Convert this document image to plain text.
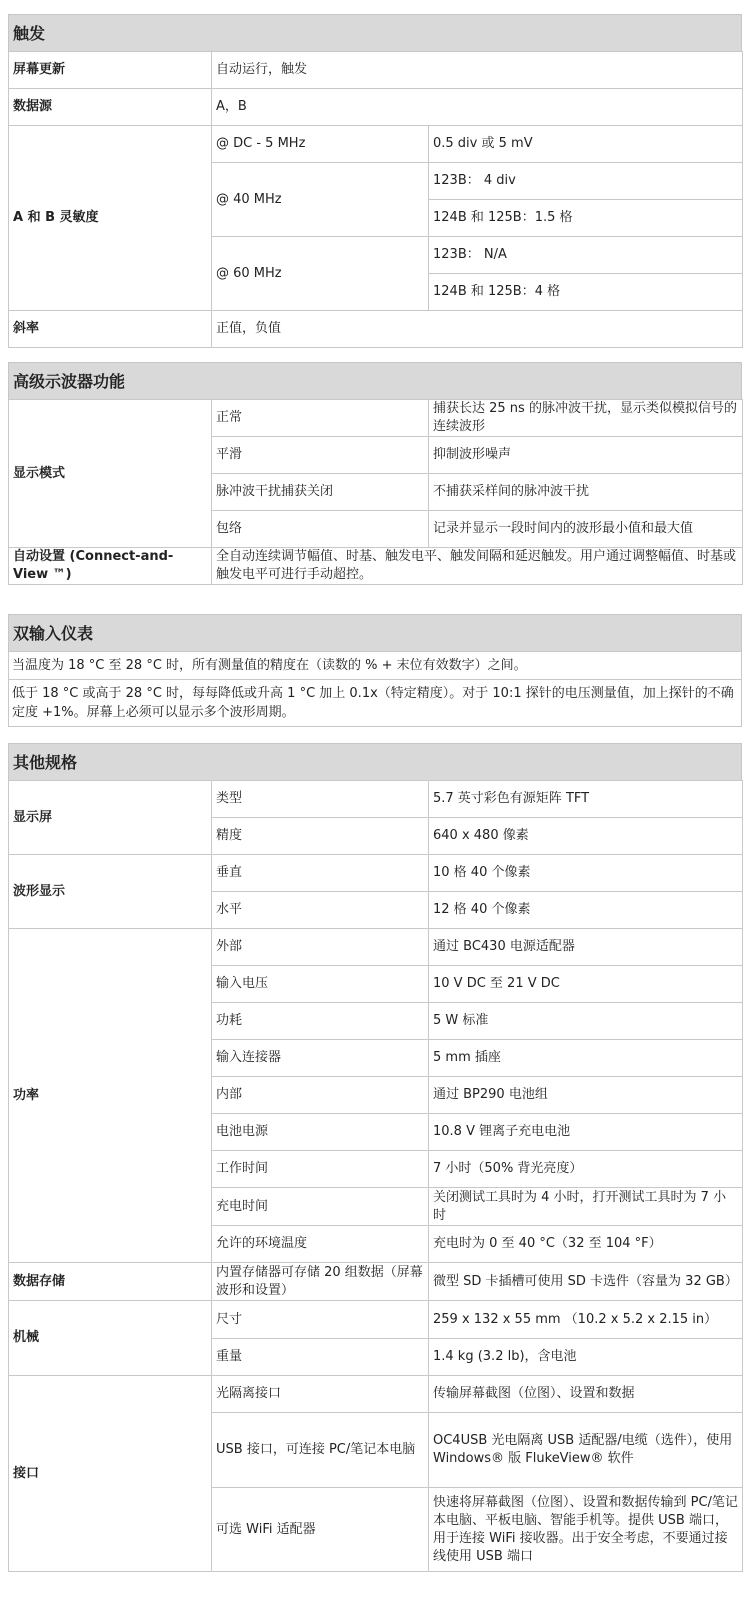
触发
屏幕更新	自动运行，触发	
数据源	A，B	
A 和 B 灵敏度	@ DC - 5 MHz	0.5 div 或 5 mV
	@ 40 MHz	123B： 4 div
		124B 和 125B：1.5 格
	@ 60 MHz	123B： N/A
		124B 和 125B：4 格
斜率	正值，负值	
高级示波器功能
显示模式	正常	捕获长达 25 ns 的脉冲波干扰，显示类似模拟信号的连续波形
	平滑	抑制波形噪声
	脉冲波干扰捕获关闭	不捕获采样间的脉冲波干扰
	包络	记录并显示一段时间内的波形最小值和最大值
自动设置 (Connect-and-View ™)	全自动连续调节幅值、时基、触发电平、触发间隔和延迟触发。用户通过调整幅值、时基或触发电平可进行手动超控。	
双输入仪表
当温度为 18 °C 至 28 °C 时，所有测量值的精度在（读数的 % + 末位有效数字）之间。
低于 18 °C 或高于 28 °C 时，每每降低或升高 1 °C 加上 0.1x（特定精度）。对于 10:1 探针的电压测量值，加上探针的不确定度 +1%。屏幕上必须可以显示多个波形周期。
其他规格
显示屏	类型	5.7 英寸彩色有源矩阵 TFT
	精度	640 x 480 像素
波形显示	垂直	10 格 40 个像素
	水平	12 格 40 个像素
功率	外部	通过 BC430 电源适配器
	输入电压	10 V DC 至 21 V DC
	功耗	5 W 标准
	输入连接器	5 mm 插座
	内部	通过 BP290 电池组
	电池电源	10.8 V 锂离子充电电池
	工作时间	7 小时（50% 背光亮度）
	充电时间	关闭测试工具时为 4 小时，打开测试工具时为 7 小时
	允许的环境温度	充电时为 0 至 40 °C（32 至 104 °F）
数据存储	内置存储器可存储 20 组数据（屏幕波形和设置）	微型 SD 卡插槽可使用 SD 卡选件（容量为 32 GB）
机械	尺寸	259 x 132 x 55 mm （10.2 x 5.2 x 2.15 in）
	重量	1.4 kg (3.2 lb)，含电池
接口	光隔离接口	传输屏幕截图（位图）、设置和数据
	USB 接口，可连接 PC/笔记本电脑	OC4USB 光电隔离 USB 适配器/电缆（选件），使用 Windows® 版 FlukeView® 软件
	可选 WiFi 适配器	快速将屏幕截图（位图）、设置和数据传输到 PC/笔记本电脑、平板电脑、智能手机等。提供 USB 端口，用于连接 WiFi 接收器。出于安全考虑，不要通过接线使用 USB 端口
